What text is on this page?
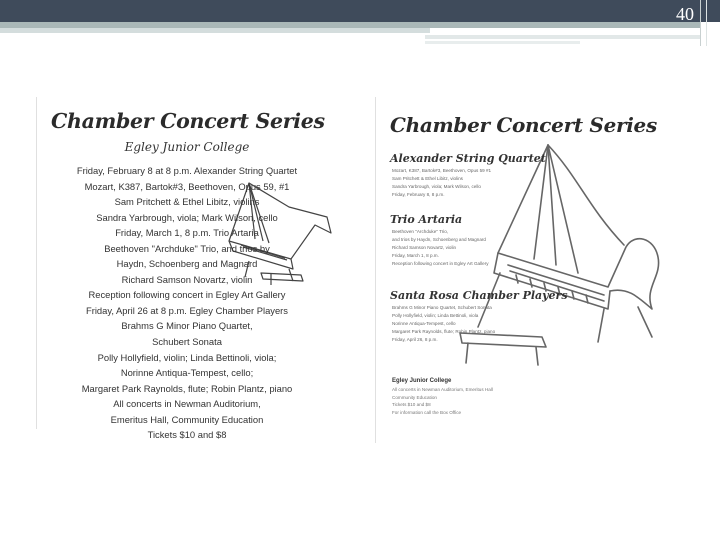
40
Chamber Concert Series
Egley Junior College
Friday, February 8 at 8 p.m. Alexander String Quartet
Mozart, K387, Bartok#3, Beethoven, Opus 59, #1
Sam Pritchett & Ethel Libitz, violins
Sandra Yarbrough, viola; Mark Wilson, cello
Friday, March 1, 8 p.m. Trio Artaria
Beethoven "Archduke" Trio, and trios by
Haydn, Schoenberg and Magnard
Richard Samson Novartz, violin
Reception following concert in Egley Art Gallery
Friday, April 26 at 8 p.m. Egley Chamber Players
Brahms G Minor Piano Quartet,
Schubert Sonata
Polly Hollyfield, violin; Linda Bettinoli, viola;
Norinne Antiqua-Tempest, cello;
Margaret Park Raynolds, flute; Robin Plantz, piano
All concerts in Newman Auditorium,
Emeritus Hall, Community Education
Tickets $10 and $8
Chamber Concert Series
Alexander String Quartet
Mozart, K387, Bartok#3, Beethoven, Opus 59 #1
Sam Pritchett & Ethel Libitz, violins
Sandra Yarbrough, viola; Mark Wilson, cello
Friday, February 8, 8 p.m.
Trio Artaria
Beethoven "Archduke" Trio,
and trios by Haydn, Schoenberg and Magnard
Richard Samson Novartz, violin
Friday, March 1, 8 p.m.
Reception following concert in Egley Art Gallery
Santa Rosa Chamber Players
Brahms G Minor Piano Quartet, Schubert Sonata
Polly Hollyfield, violin; Linda Bettinoli, viola
Norinne Antiqua-Tempest, cello
Margaret Park Raynolds, flute; Robin Plantz, piano
Friday, April 26, 8 p.m.
Egley Junior College
All concerts in Newman Auditorium, Emeritus Hall
Community Education
Tickets $10 and $8
For information call the Box Office
